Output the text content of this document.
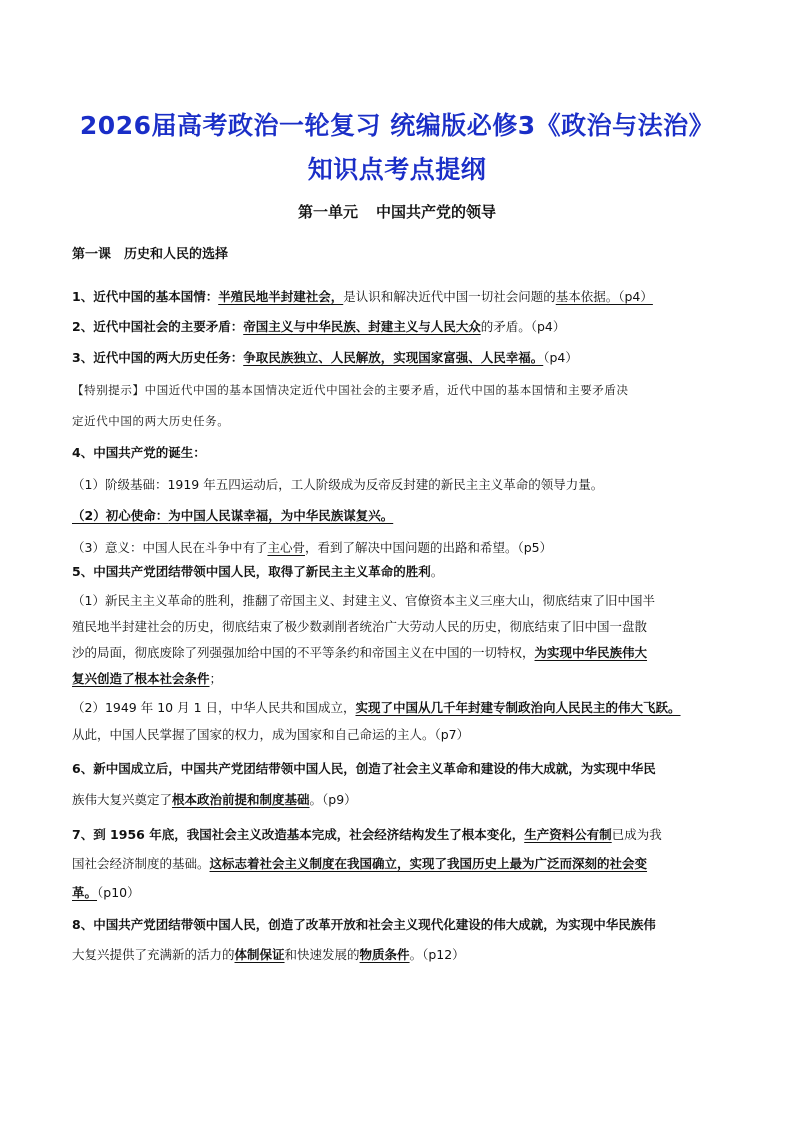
2026届高考政治一轮复习 统编版必修3《政治与法治》
知识点考点提纲
第一单元 中国共产党的领导
第一课　历史和人民的选择
1、近代中国的基本国情：半殖民地半封建社会，是认识和解决近代中国一切社会问题的基本依据。（p4）
2、近代中国社会的主要矛盾：帝国主义与中华民族、封建主义与人民大众的矛盾。（p4）
3、近代中国的两大历史任务：争取民族独立、人民解放，实现国家富强、人民幸福。（p4）
【特别提示】中国近代中国的基本国情决定近代中国社会的主要矛盾，近代中国的基本国情和主要矛盾决
定近代中国的两大历史任务。
4、中国共产党的诞生：
（1）阶级基础：1919 年五四运动后，工人阶级成为反帝反封建的新民主主义革命的领导力量。
（2）初心使命：为中国人民谋幸福，为中华民族谋复兴。
（3）意义：中国人民在斗争中有了主心骨，看到了解决中国问题的出路和希望。（p5）
5、中国共产党团结带领中国人民，取得了新民主主义革命的胜利。
（1）新民主主义革命的胜利，推翻了帝国主义、封建主义、官僚资本主义三座大山，彻底结束了旧中国半
殖民地半封建社会的历史，彻底结束了极少数剥削者统治广大劳动人民的历史，彻底结束了旧中国一盘散
沙的局面，彻底废除了列强强加给中国的不平等条约和帝国主义在中国的一切特权，为实现中华民族伟大
复兴创造了根本社会条件；
（2）1949 年 10 月 1 日，中华人民共和国成立，实现了中国从几千年封建专制政治向人民民主的伟大飞跃。
从此，中国人民掌握了国家的权力，成为国家和自己命运的主人。（p7）
6、新中国成立后，中国共产党团结带领中国人民，创造了社会主义革命和建设的伟大成就，为实现中华民
族伟大复兴奠定了根本政治前提和制度基础。（p9）
7、到 1956 年底，我国社会主义改造基本完成，社会经济结构发生了根本变化，生产资料公有制已成为我
国社会经济制度的基础。这标志着社会主义制度在我国确立，实现了我国历史上最为广泛而深刻的社会变
革。（p10）
8、中国共产党团结带领中国人民，创造了改革开放和社会主义现代化建设的伟大成就，为实现中华民族伟
大复兴提供了充满新的活力的体制保证和快速发展的物质条件。（p12）
